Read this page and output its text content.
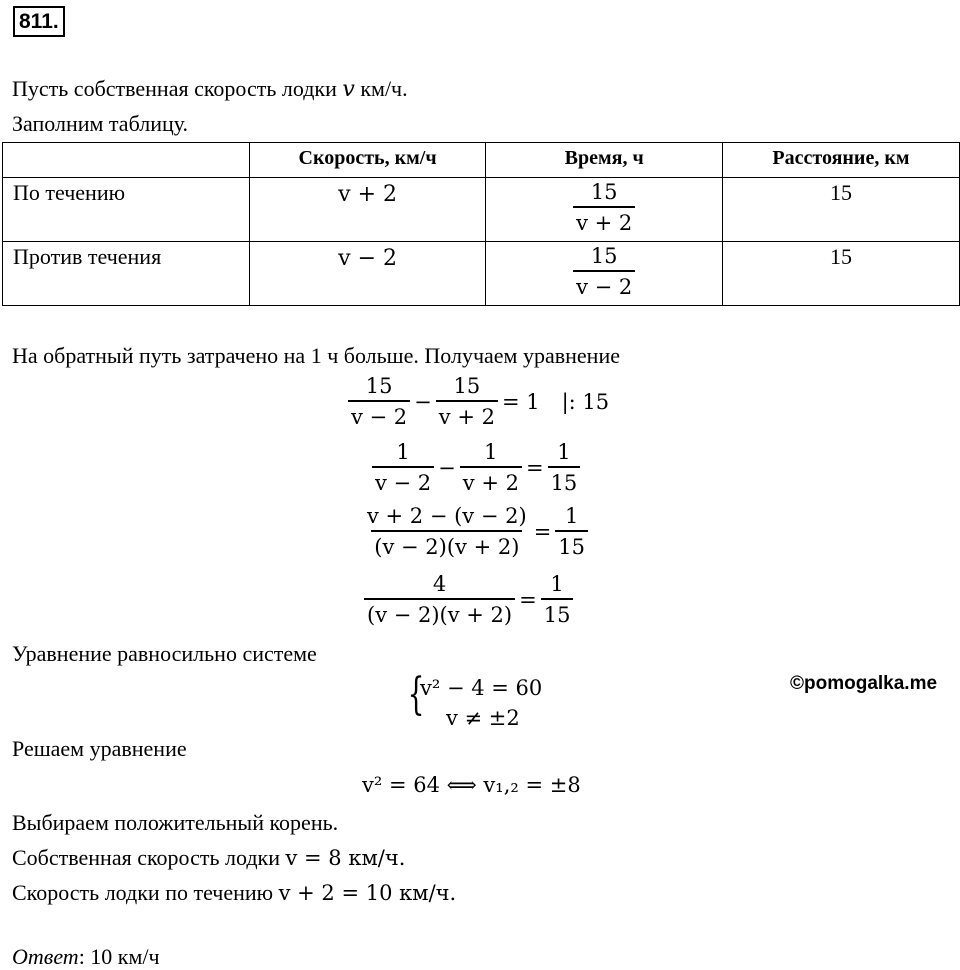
811.
Пусть собственная скорость лодки v км/ч.
Заполним таблицу.
	Скорость, км/ч	Время, ч	Расстояние, км
По течению	v + 2	$\frac{15}{v + 2}$	15
Против течения	v − 2	$\frac{15}{v - 2}$	15
На обратный путь затрачено на 1 ч больше. Получаем уравнение
$\frac{15}{v - 2} - \frac{15}{v + 2} = 1$	|: 15
$\frac{1}{v - 2} - \frac{1}{v + 2} = \frac{1}{15}$
$\frac{v + 2 - (v - 2)}{(v - 2)(v + 2)} = \frac{1}{15}$
$\frac{4}{(v - 2)(v + 2)} = \frac{1}{15}$
Уравнение равносильно системе
{
v² − 4 = 60
v ≠ ±2
©pomogalka.me
Решаем уравнение
v² = 64 ⟺ v₁,₂ = ±8
Выбираем положительный корень.
Собственная скорость лодки v = 8 км/ч.
Скорость лодки по течению v + 2 = 10 км/ч.
Ответ: 10 км/ч
